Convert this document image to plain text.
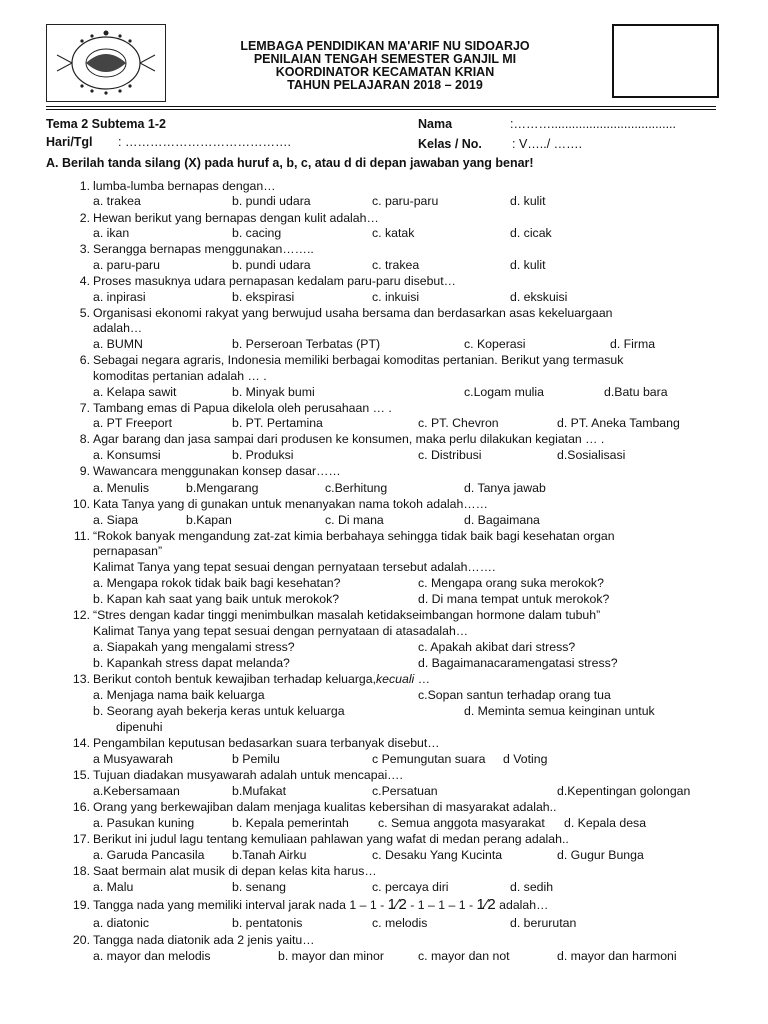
LEMBAGA PENDIDIKAN MA'ARIF NU SIDOARJO
PENILAIAN TENGAH SEMESTER GANJIL MI
KOORDINATOR KECAMATAN KRIAN
TAHUN PELAJARAN 2018 – 2019
Tema 2 Subtema 1-2
Hari/Tgl : ………………………………….
Nama	:………....................................
Kelas / No. : V…../ …….
A. Berilah tanda silang (X) pada huruf a, b, c, atau d di depan jawaban yang benar!
1. lumba-lumba bernapas dengan…
a. trakea	b. pundi udara	c. paru-paru	d. kulit
2. Hewan berikut yang bernapas dengan kulit adalah…
a. ikan	b. cacing	c. katak	d. cicak
3. Serangga bernapas menggunakan……..
a. paru-paru	b. pundi udara	c. trakea	d. kulit
4. Proses masuknya udara pernapasan kedalam paru-paru disebut…
a. inpirasi	b. ekspirasi	c. inkuisi	d. ekskuisi
5. Organisasi ekonomi rakyat yang berwujud usaha bersama dan berdasarkan asas kekeluargaan
adalah…
a. BUMN	b. Perseroan Terbatas (PT)	c. Koperasi	d. Firma
6. Sebagai negara agraris, Indonesia memiliki berbagai komoditas pertanian. Berikut yang termasuk
komoditas pertanian adalah … .
a. Kelapa sawit	b. Minyak bumi	c.Logam mulia	d.Batu bara
7. Tambang emas di Papua dikelola oleh perusahaan … .
a. PT Freeport	b. PT. Pertamina	c. PT. Chevron	d. PT. Aneka Tambang
8. Agar barang dan jasa sampai dari produsen ke konsumen, maka perlu dilakukan kegiatan … .
a. Konsumsi	b. Produksi	c. Distribusi	d.Sosialisasi
9. Wawancara menggunakan konsep dasar……
a. Menulis	b.Mengarang	c.Berhitung	d. Tanya jawab
10. Kata Tanya yang di gunakan untuk menanyakan nama tokoh adalah……
a. Siapa	b.Kapan	c. Di mana	d. Bagaimana
11. “Rokok banyak mengandung zat-zat kimia berbahaya sehingga tidak baik bagi kesehatan organ
pernapasan”
Kalimat Tanya yang tepat sesuai dengan pernyataan tersebut adalah…….
a. Mengapa rokok tidak baik bagi kesehatan?	c. Mengapa orang suka merokok?
b. Kapan kah saat yang baik untuk merokok?	d. Di mana tempat untuk merokok?
12. “Stres dengan kadar tinggi menimbulkan masalah ketidakseimbangan hormone dalam tubuh”
Kalimat Tanya yang tepat sesuai dengan pernyataan di atasadalah…
a. Siapakah yang mengalami stress?	c. Apakah akibat dari stress?
b. Kapankah stress dapat melanda?	d. Bagaimanacaramengatasi stress?
13. Berikut contoh bentuk kewajiban terhadap keluarga,kecuali …
a. Menjaga nama baik keluarga	c.Sopan santun terhadap orang tua
b. Seorang ayah bekerja keras untuk keluarga	d. Meminta semua keinginan untuk
dipenuhi
14. Pengambilan keputusan bedasarkan suara terbanyak disebut…
a Musyawarah	b Pemilu	c Pemungutan suara d Voting
15. Tujuan diadakan musyawarah adalah untuk mencapai….
a.Kebersamaan	b.Mufakat	c.Persatuan	d.Kepentingan golongan
16. Orang yang berkewajiban dalam menjaga kualitas kebersihan di masyarakat adalah..
a. Pasukan kuning	b. Kepala pemerintah c. Semua anggota masyarakat d. Kepala desa
17. Berikut ini judul lagu tentang kemuliaan pahlawan yang wafat di medan perang adalah..
a. Garuda Pancasila b.Tanah Airku	c. Desaku Yang Kucinta	d. Gugur Bunga
18. Saat bermain alat musik di depan kelas kita harus…
a. Malu	b. senang	c. percaya diri	d. sedih
19. Tangga nada yang memiliki interval jarak nada 1 – 1 - 1⁄2 - 1 – 1 – 1 - 1⁄2 adalah…
a. diatonic	b. pentatonis	c. melodis	d. berurutan
20. Tangga nada diatonik ada 2 jenis yaitu…
a. mayor dan melodis	b. mayor dan minor	c. mayor dan not	d. mayor dan harmoni
